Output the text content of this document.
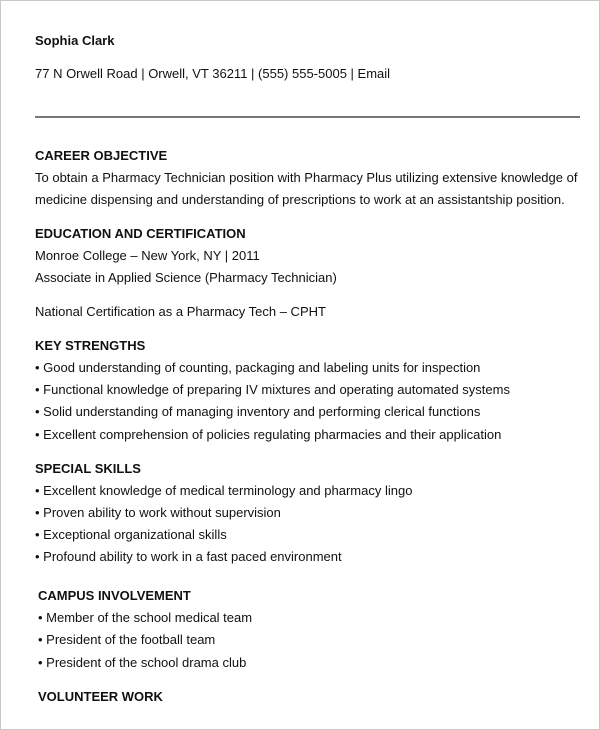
Sophia Clark
77 N Orwell Road | Orwell, VT 36211 | (555) 555-5005 | Email
CAREER OBJECTIVE
To obtain a Pharmacy Technician position with Pharmacy Plus utilizing extensive knowledge of
medicine dispensing and understanding of prescriptions to work at an assistantship position.
EDUCATION AND CERTIFICATION
Monroe College – New York, NY | 2011
Associate in Applied Science (Pharmacy Technician)
National Certification as a Pharmacy Tech – CPHT
KEY STRENGTHS
• Good understanding of counting, packaging and labeling units for inspection
• Functional knowledge of preparing IV mixtures and operating automated systems
• Solid understanding of managing inventory and performing clerical functions
• Excellent comprehension of policies regulating pharmacies and their application
SPECIAL SKILLS
• Excellent knowledge of medical terminology and pharmacy lingo
• Proven ability to work without supervision
• Exceptional organizational skills
• Profound ability to work in a fast paced environment
CAMPUS INVOLVEMENT
• Member of the school medical team
• President of the football team
• President of the school drama club
VOLUNTEER WORK
